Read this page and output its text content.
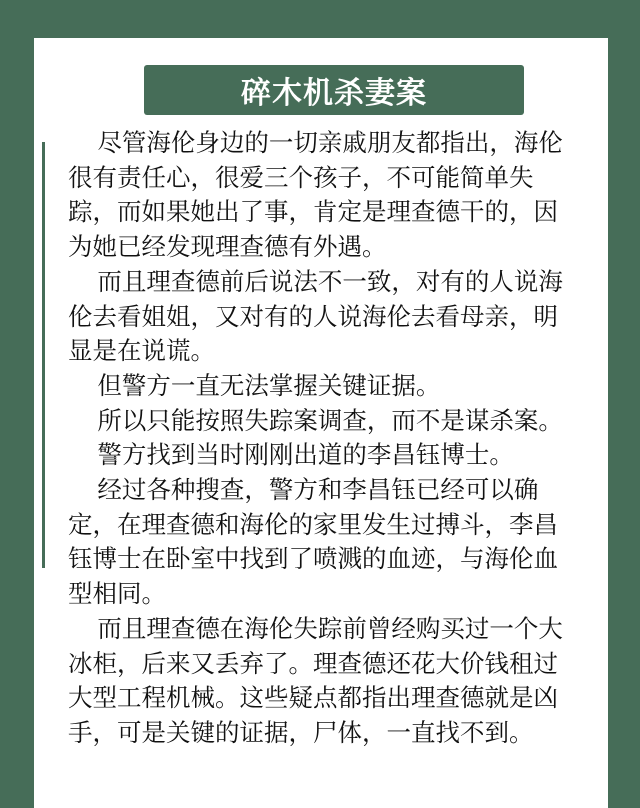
碎木机杀妻案

尽管海伦身边的一切亲戚朋友都指出，海伦很有责任心，很爱三个孩子，不可能简单失踪，而如果她出了事，肯定是理查德干的，因为她已经发现理查德有外遇。

而且理查德前后说法不一致，对有的人说海伦去看姐姐，又对有的人说海伦去看母亲，明显是在说谎。

但警方一直无法掌握关键证据。

所以只能按照失踪案调查，而不是谋杀案。

警方找到当时刚刚出道的李昌钰博士。

经过各种搜查，警方和李昌钰已经可以确定，在理查德和海伦的家里发生过搏斗，李昌钰博士在卧室中找到了喷溅的血迹，与海伦血型相同。

而且理查德在海伦失踪前曾经购买过一个大冰柜，后来又丢弃了。理查德还花大价钱租过大型工程机械。这些疑点都指出理查德就是凶手，可是关键的证据，尸体，一直找不到。
